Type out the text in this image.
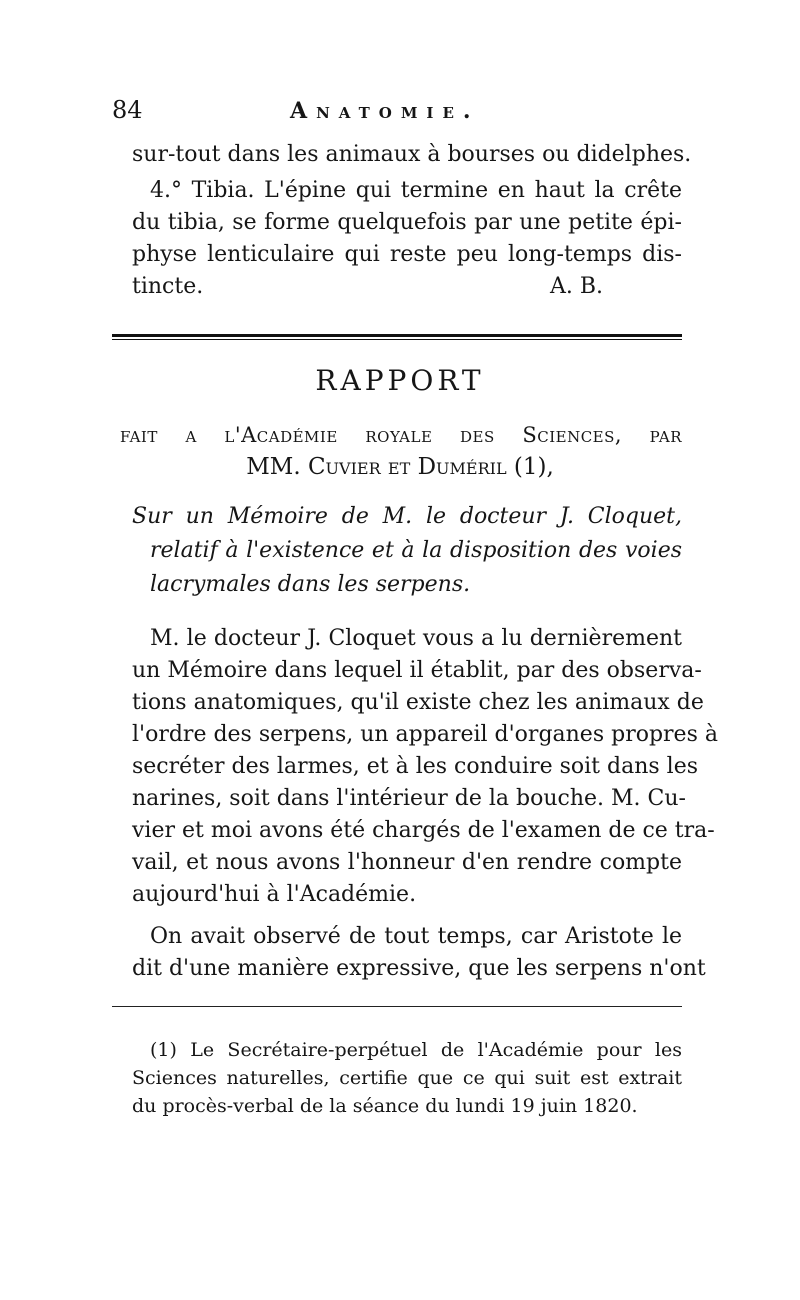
84	Anatomie.
sur-tout dans les animaux à bourses ou didelphes.
4.° Tibia. L'épine qui termine en haut la crête
du tibia, se forme quelquefois par une petite épi-
physe lenticulaire qui reste peu long-temps dis-
tincte.	A. B.
RAPPORT
fait a l'Académie royale des Sciences, par
MM. Cuvier et Duméril (1),
Sur un Mémoire de M. le docteur J. Cloquet,
relatif à l'existence et à la disposition des voies
lacrymales dans les serpens.
M. le docteur J. Cloquet vous a lu dernièrement
un Mémoire dans lequel il établit, par des observa-
tions anatomiques, qu'il existe chez les animaux de
l'ordre des serpens, un appareil d'organes propres à
secréter des larmes, et à les conduire soit dans les
narines, soit dans l'intérieur de la bouche. M. Cu-
vier et moi avons été chargés de l'examen de ce tra-
vail, et nous avons l'honneur d'en rendre compte
aujourd'hui à l'Académie.
On avait observé de tout temps, car Aristote le
dit d'une manière expressive, que les serpens n'ont
(1) Le Secrétaire-perpétuel de l'Académie pour les
Sciences naturelles, certifie que ce qui suit est extrait
du procès-verbal de la séance du lundi 19 juin 1820.
